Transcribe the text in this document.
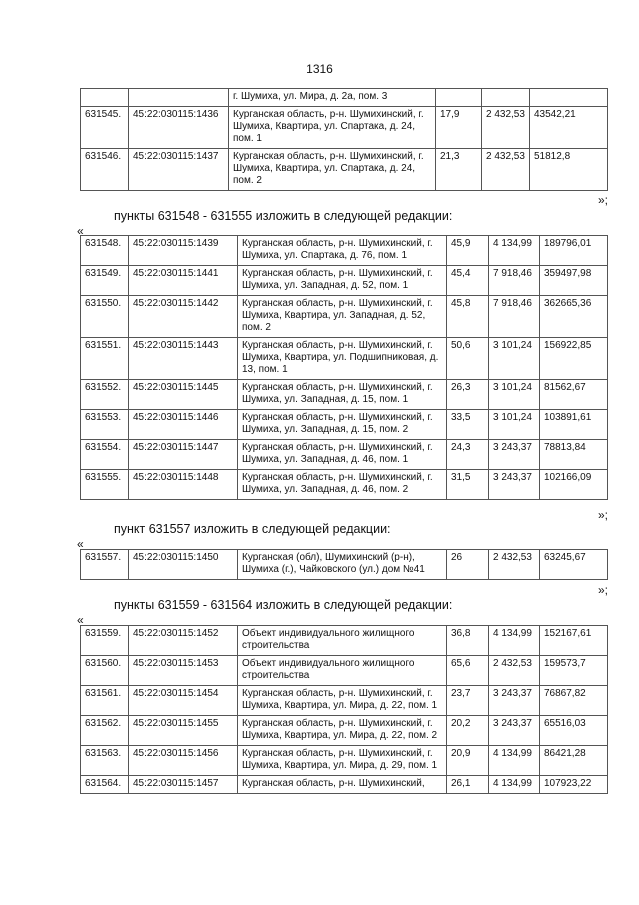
1316
		г. Шумиха, ул. Мира, д. 2а, пом. 3			
631545.	45:22:030115:1436	Курганская область, р-н. Шумихинский, г. Шумиха, Квартира, ул. Спартака, д. 24, пом. 1	17,9	2 432,53	43542,21
631546.	45:22:030115:1437	Курганская область, р-н. Шумихинский, г. Шумиха, Квартира, ул. Спартака, д. 24, пом. 2	21,3	2 432,53	51812,8
»;
пункты 631548 - 631555 изложить в следующей редакции:
«
631548.	45:22:030115:1439	Курганская область, р-н. Шумихинский, г. Шумиха, ул. Спартака, д. 76, пом. 1	45,9	4 134,99	189796,01
631549.	45:22:030115:1441	Курганская область, р-н. Шумихинский, г. Шумиха, ул. Западная, д. 52, пом. 1	45,4	7 918,46	359497,98
631550.	45:22:030115:1442	Курганская область, р-н. Шумихинский, г. Шумиха, Квартира, ул. Западная, д. 52, пом. 2	45,8	7 918,46	362665,36
631551.	45:22:030115:1443	Курганская область, р-н. Шумихинский, г. Шумиха, Квартира, ул. Подшипниковая, д. 13, пом. 1	50,6	3 101,24	156922,85
631552.	45:22:030115:1445	Курганская область, р-н. Шумихинский, г. Шумиха, ул. Западная, д. 15, пом. 1	26,3	3 101,24	81562,67
631553.	45:22:030115:1446	Курганская область, р-н. Шумихинский, г. Шумиха, ул. Западная, д. 15, пом. 2	33,5	3 101,24	103891,61
631554.	45:22:030115:1447	Курганская область, р-н. Шумихинский, г. Шумиха, ул. Западная, д. 46, пом. 1	24,3	3 243,37	78813,84
631555.	45:22:030115:1448	Курганская область, р-н. Шумихинский, г. Шумиха, ул. Западная, д. 46, пом. 2	31,5	3 243,37	102166,09
»;
пункт 631557 изложить в следующей редакции:
«
631557.	45:22:030115:1450	Курганская (обл), Шумихинский (р-н), Шумиха (г.), Чайковского (ул.) дом №41	26	2 432,53	63245,67
»;
пункты 631559 - 631564 изложить в следующей редакции:
«
631559.	45:22:030115:1452	Объект индивидуального жилищного строительства	36,8	4 134,99	152167,61
631560.	45:22:030115:1453	Объект индивидуального жилищного строительства	65,6	2 432,53	159573,7
631561.	45:22:030115:1454	Курганская область, р-н. Шумихинский, г. Шумиха, Квартира, ул. Мира, д. 22, пом. 1	23,7	3 243,37	76867,82
631562.	45:22:030115:1455	Курганская область, р-н. Шумихинский, г. Шумиха, Квартира, ул. Мира, д. 22, пом. 2	20,2	3 243,37	65516,03
631563.	45:22:030115:1456	Курганская область, р-н. Шумихинский, г. Шумиха, Квартира, ул. Мира, д. 29, пом. 1	20,9	4 134,99	86421,28
631564.	45:22:030115:1457	Курганская область, р-н. Шумихинский,	26,1	4 134,99	107923,22
